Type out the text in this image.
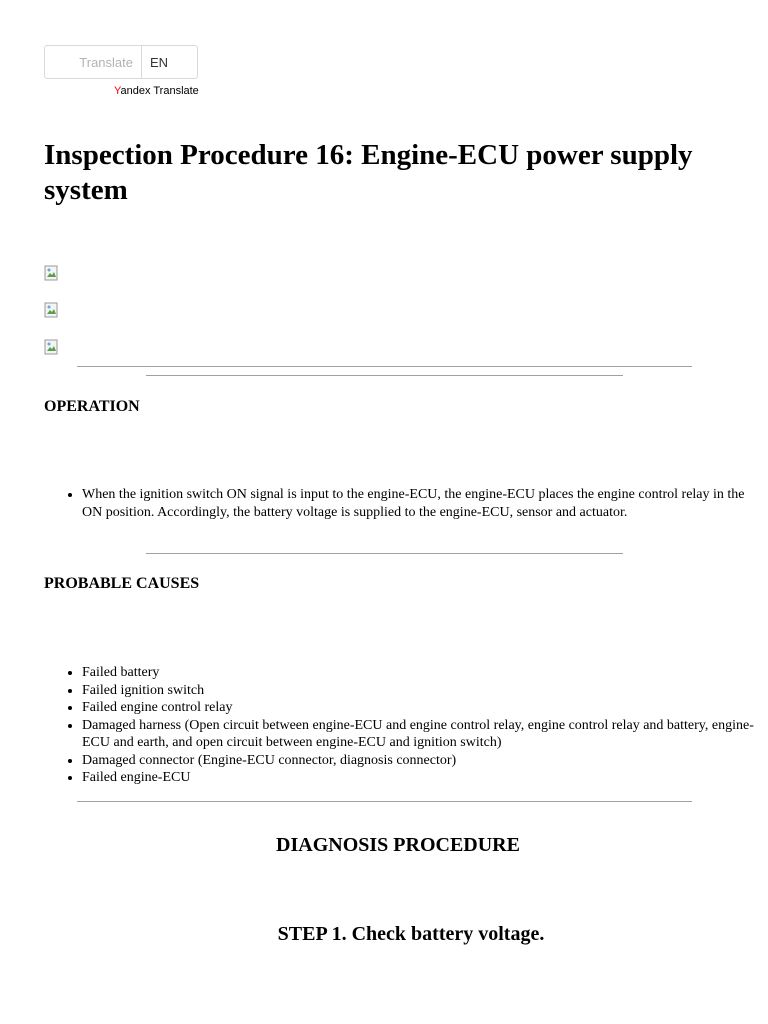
Translate	EN
Yandex Translate
Inspection Procedure 16: Engine-ECU power supply system
OPERATION
• When the ignition switch ON signal is input to the engine-ECU, the engine-ECU places the engine control relay in the ON position. Accordingly, the battery voltage is supplied to the engine-ECU, sensor and actuator.
PROBABLE CAUSES
• Failed battery
• Failed ignition switch
• Failed engine control relay
• Damaged harness (Open circuit between engine-ECU and engine control relay, engine control relay and battery, engine-ECU and earth, and open circuit between engine-ECU and ignition switch)
• Damaged connector (Engine-ECU connector, diagnosis connector)
• Failed engine-ECU
DIAGNOSIS PROCEDURE
STEP 1. Check battery voltage.
